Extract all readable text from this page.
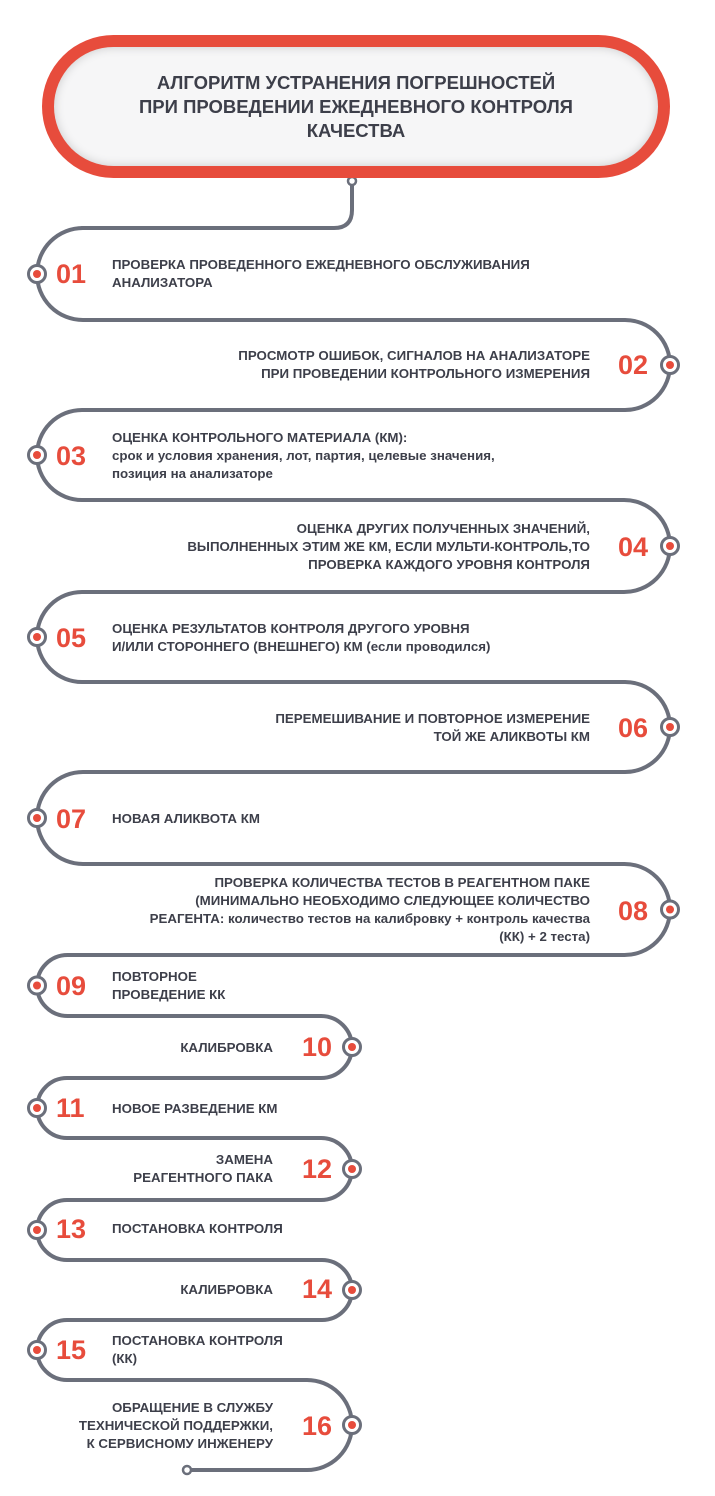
АЛГОРИТМ УСТРАНЕНИЯ ПОГРЕШНОСТЕЙ
ПРИ ПРОВЕДЕНИИ ЕЖЕДНЕВНОГО КОНТРОЛЯ
КАЧЕСТВА
01	ПРОВЕРКА ПРОВЕДЕННОГО ЕЖЕДНЕВНОГО ОБСЛУЖИВАНИЯ
АНАЛИЗАТОРА
02
ПРОСМОТР ОШИБОК, СИГНАЛОВ НА АНАЛИЗАТОРЕ
ПРИ ПРОВЕДЕНИИ КОНТРОЛЬНОГО ИЗМЕРЕНИЯ
03
ОЦЕНКА КОНТРОЛЬНОГО МАТЕРИАЛА (КМ):
срок и условия хранения, лот, партия, целевые значения,
позиция на анализаторе
04
ОЦЕНКА ДРУГИХ ПОЛУЧЕННЫХ ЗНАЧЕНИЙ,
ВЫПОЛНЕННЫХ ЭТИМ ЖЕ КМ, ЕСЛИ МУЛЬТИ-КОНТРОЛЬ,ТО
ПРОВЕРКА КАЖДОГО УРОВНЯ КОНТРОЛЯ
05	ОЦЕНКА РЕЗУЛЬТАТОВ КОНТРОЛЯ ДРУГОГО УРОВНЯ
И/ИЛИ СТОРОННЕГО (ВНЕШНЕГО) КМ (если проводился)
06
ПЕРЕМЕШИВАНИЕ И ПОВТОРНОЕ ИЗМЕРЕНИЕ
ТОЙ ЖЕ АЛИКВОТЫ КМ
07	НОВАЯ АЛИКВОТА КМ
08
ПРОВЕРКА КОЛИЧЕСТВА ТЕСТОВ В РЕАГЕНТНОМ ПАКЕ
(МИНИМАЛЬНО НЕОБХОДИМО СЛЕДУЮЩЕЕ КОЛИЧЕСТВО
РЕАГЕНТА: количество тестов на калибровку + контроль качества
(КК) + 2 теста)
09	ПОВТОРНОЕ
ПРОВЕДЕНИЕ КК
10
КАЛИБРОВКА
11	НОВОЕ РАЗВЕДЕНИЕ КМ
12
ЗАМЕНА
РЕАГЕНТНОГО ПАКА
13	ПОСТАНОВКА КОНТРОЛЯ
14
КАЛИБРОВКА
15	ПОСТАНОВКА КОНТРОЛЯ
(КК)
16
ОБРАЩЕНИЕ В СЛУЖБУ
ТЕХНИЧЕСКОЙ ПОДДЕРЖКИ,
К СЕРВИСНОМУ ИНЖЕНЕРУ
